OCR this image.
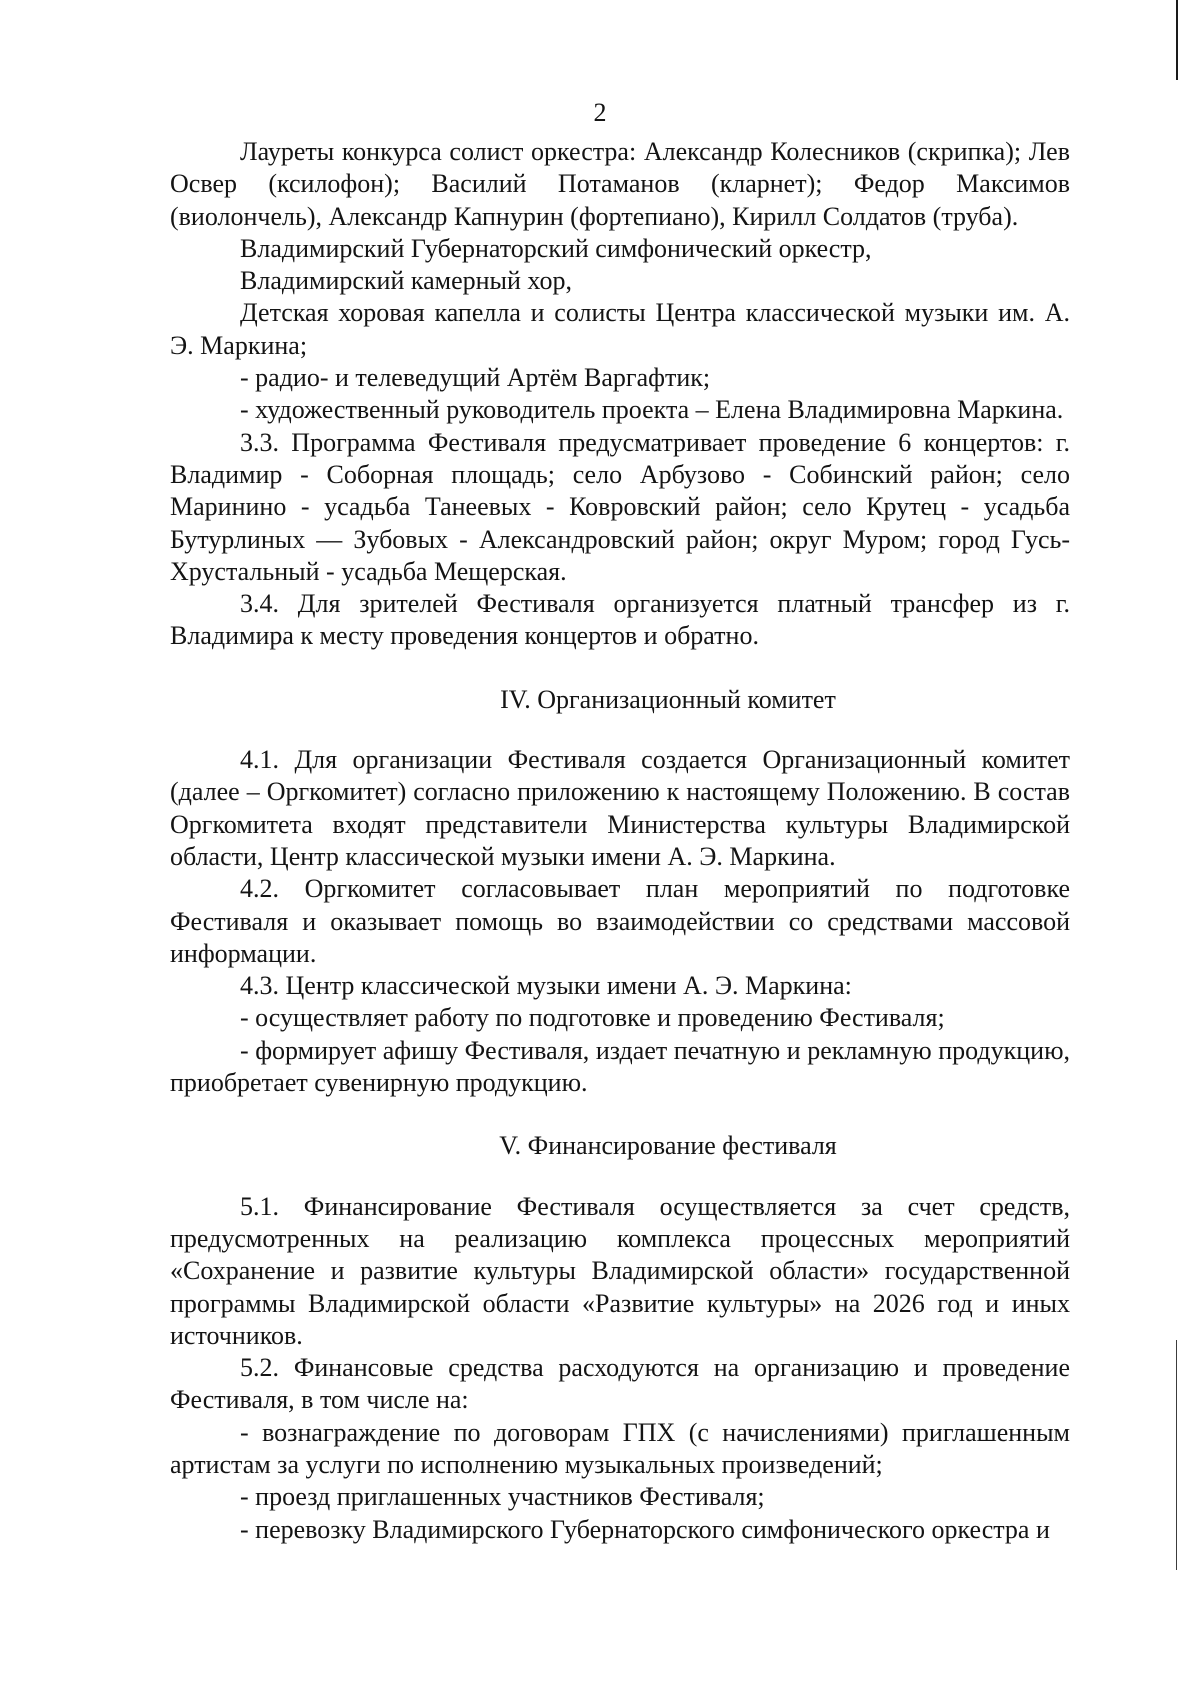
2

Лауреты конкурса солист оркестра: Александр Колесников (скрипка); Лев Освер (ксилофон); Василий Потаманов (кларнет); Федор Максимов (виолончель), Александр Капнурин (фортепиано), Кирилл Солдатов (труба).

Владимирский Губернаторский симфонический оркестр,

Владимирский камерный хор,

Детская хоровая капелла и солисты Центра классической музыки им. А. Э. Маркина;

- радио- и телеведущий Артём Варгафтик;

- художественный руководитель проекта – Елена Владимировна Маркина.

3.3. Программа Фестиваля предусматривает проведение 6 концертов: г. Владимир - Соборная площадь; село Арбузово - Собинский район; село Маринино - усадьба Танеевых - Ковровский район; село Крутец - усадьба Бутурлиных — Зубовых - Александровский район; округ Муром; город Гусь-Хрустальный - усадьба Мещерская.

3.4. Для зрителей Фестиваля организуется платный трансфер из г. Владимира к месту проведения концертов и обратно.

IV. Организационный комитет

4.1. Для организации Фестиваля создается Организационный комитет (далее – Оргкомитет) согласно приложению к настоящему Положению. В состав Оргкомитета входят представители Министерства культуры Владимирской области, Центр классической музыки имени А. Э. Маркина.

4.2. Оргкомитет согласовывает план мероприятий по подготовке Фестиваля и оказывает помощь во взаимодействии со средствами массовой информации.

4.3. Центр классической музыки имени А. Э. Маркина:

- осуществляет работу по подготовке и проведению Фестиваля;

- формирует афишу Фестиваля, издает печатную и рекламную продукцию, приобретает сувенирную продукцию.

V. Финансирование фестиваля

5.1. Финансирование Фестиваля осуществляется за счет средств, предусмотренных на реализацию комплекса процессных мероприятий «Сохранение и развитие культуры Владимирской области» государственной программы Владимирской области «Развитие культуры» на 2026 год и иных источников.

5.2. Финансовые средства расходуются на организацию и проведение Фестиваля, в том числе на:

- вознаграждение по договорам ГПХ (с начислениями) приглашенным артистам за услуги по исполнению музыкальных произведений;

- проезд приглашенных участников Фестиваля;

- перевозку Владимирского Губернаторского симфонического оркестра и
